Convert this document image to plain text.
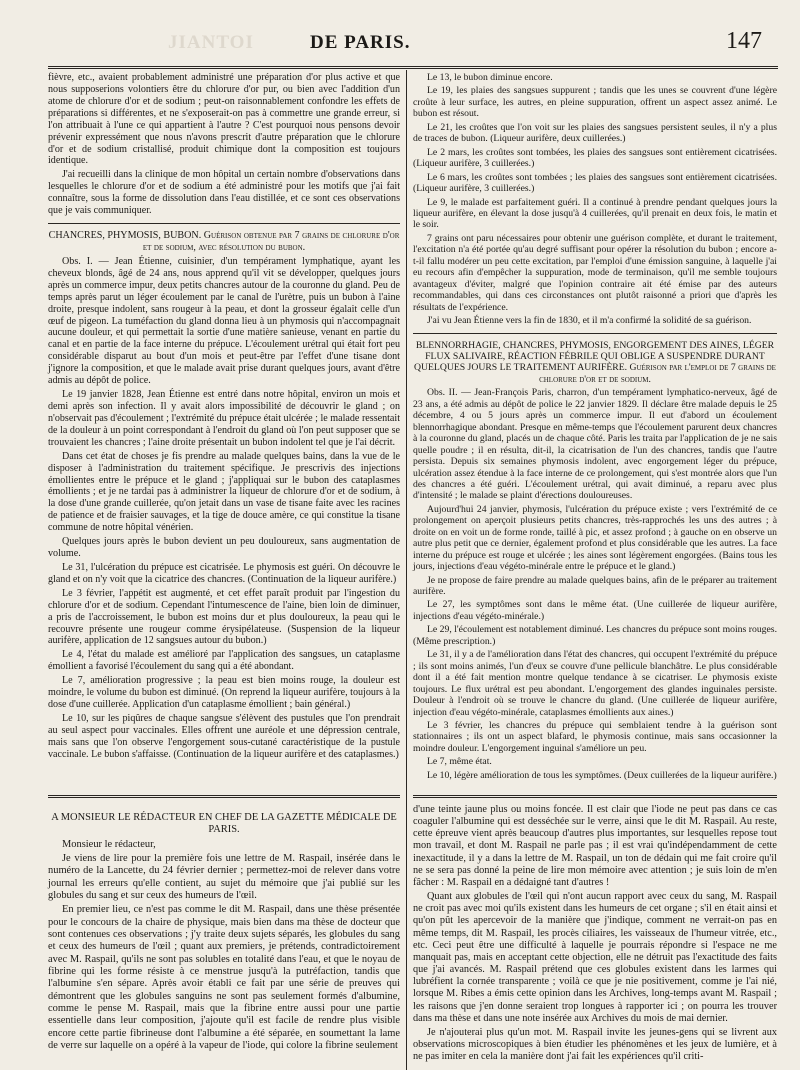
JIANTOI	DE PARIS.	147

fièvre, etc., avaient probablement administré une préparation d'or plus active et que nous supposerions volontiers être du chlorure d'or pur, ou bien avec l'addition d'un atome de chlorure d'or et de sodium ; peut-on raisonnablement confondre les effets de préparations si différentes, et ne s'exposerait-on pas à commettre une grande erreur, si l'on attribuait à l'une ce qui appartient à l'autre ? C'est pourquoi nous pensons devoir prévenir expressément que nous n'avons prescrit d'autre préparation que le chlorure d'or et de sodium cristallisé, produit chimique dont la composition est toujours identique.

J'ai recueilli dans la clinique de mon hôpital un certain nombre d'observations dans lesquelles le chlorure d'or et de sodium a été administré pour les motifs que j'ai fait connaître, sous la forme de dissolution dans l'eau distillée, et ce sont ces observations que je vais communiquer.

CHANCRES, PHYMOSIS, BUBON. Guérison obtenue par 7 grains de chlorure d'or et de sodium, avec résolution du bubon.

Obs. I. — Jean Étienne, cuisinier, d'un tempérament lymphatique, ayant les cheveux blonds, âgé de 24 ans, nous apprend qu'il vit se développer, quelques jours après un commerce impur, deux petits chancres autour de la couronne du gland. Peu de temps après parut un léger écoulement par le canal de l'urètre, puis un bubon à l'aine droite, presque indolent, sans rougeur à la peau, et dont la grosseur égalait celle d'un œuf de pigeon. La tuméfaction du gland donna lieu à un phymosis qui n'accompagnait aucune douleur, et qui permettait la sortie d'une matière sanieuse, venant en partie du canal et en partie de la face interne du prépuce. L'écoulement urétral qui était fort peu considérable disparut au bout d'un mois et peut-être par l'effet d'une tisane dont j'ignore la composition, et que le malade avait prise durant quelques jours, avant d'être admis au dépôt de police.

Le 19 janvier 1828, Jean Étienne est entré dans notre hôpital, environ un mois et demi après son infection. Il y avait alors impossibilité de découvrir le gland ; on n'observait pas d'écoulement ; l'extrémité du prépuce était ulcérée ; le malade ressentait de la douleur à un point correspondant à l'endroit du gland où l'on peut supposer que se trouvaient les chancres ; l'aine droite présentait un bubon indolent tel que je l'ai décrit.

Dans cet état de choses je fis prendre au malade quelques bains, dans la vue de le disposer à l'administration du traitement spécifique. Je prescrivis des injections émollientes entre le prépuce et le gland ; j'appliquai sur le bubon des cataplasmes émollients ; et je ne tardai pas à administrer la liqueur de chlorure d'or et de sodium, à la dose d'une grande cuillerée, qu'on jetait dans un vase de tisane faite avec les racines de patience et de fraisier sauvages, et la tige de douce amère, ce qui constitue la tisane commune de notre hôpital vénérien.

Quelques jours après le bubon devient un peu douloureux, sans augmentation de volume.

Le 31, l'ulcération du prépuce est cicatrisée. Le phymosis est guéri. On découvre le gland et on n'y voit que la cicatrice des chancres. (Continuation de la liqueur aurifère.)

Le 3 février, l'appétit est augmenté, et cet effet paraît produit par l'ingestion du chlorure d'or et de sodium. Cependant l'intumescence de l'aine, bien loin de diminuer, a pris de l'accroissement, le bubon est moins dur et plus douloureux, la peau qui le recouvre présente une rougeur comme érysipélateuse. (Suspension de la liqueur aurifère, application de 12 sangsues autour du bubon.)

Le 4, l'état du malade est amélioré par l'application des sangsues, un cataplasme émollient a favorisé l'écoulement du sang qui a été abondant.

Le 7, amélioration progressive ; la peau est bien moins rouge, la douleur est moindre, le volume du bubon est diminué. (On reprend la liqueur aurifère, toujours à la dose d'une cuillerée. Application d'un cataplasme émollient ; bain général.)

Le 10, sur les piqûres de chaque sangsue s'élèvent des pustules que l'on prendrait au seul aspect pour vaccinales. Elles offrent une auréole et une dépression centrale, mais sans que l'on observe l'engorgement sous-cutané caractéristique de la pustule vaccinale. Le bubon s'affaisse. (Continuation de la liqueur aurifère et des cataplasmes.)

Le 13, le bubon diminue encore.

Le 19, les plaies des sangsues suppurent ; tandis que les unes se couvrent d'une légère croûte à leur surface, les autres, en pleine suppuration, offrent un aspect assez animé. Le bubon est résout.

Le 21, les croûtes que l'on voit sur les plaies des sangsues persistent seules, il n'y a plus de traces de bubon. (Liqueur aurifère, deux cuillerées.)

Le 2 mars, les croûtes sont tombées, les plaies des sangsues sont entièrement cicatrisées. (Liqueur aurifère, 3 cuillerées.)

Le 6 mars, les croûtes sont tombées ; les plaies des sangsues sont entièrement cicatrisées. (Liqueur aurifère, 3 cuillerées.)

Le 9, le malade est parfaitement guéri. Il a continué à prendre pendant quelques jours la liqueur aurifère, en élevant la dose jusqu'à 4 cuillerées, qu'il prenait en deux fois, le matin et le soir.

7 grains ont paru nécessaires pour obtenir une guérison complète, et durant le traitement, l'excitation n'a été portée qu'au degré suffisant pour opérer la résolution du bubon ; encore a-t-il fallu modérer un peu cette excitation, par l'emploi d'une émission sanguine, à laquelle j'ai eu recours afin d'empêcher la suppuration, mode de terminaison, qu'il me semble toujours avantageux d'éviter, malgré que l'opinion contraire ait été émise par des auteurs recommandables, qui dans ces circonstances ont plutôt raisonné a priori que d'après les résultats de l'expérience.

J'ai vu Jean Étienne vers la fin de 1830, et il m'a confirmé la solidité de sa guérison.

BLENNORRHAGIE, CHANCRES, PHYMOSIS, ENGORGEMENT DES AINES, LÉGER FLUX SALIVAIRE, RÉACTION FÉBRILE QUI OBLIGE A SUSPENDRE DURANT QUELQUES JOURS LE TRAITEMENT AURIFÈRE. Guérison par l'emploi de 7 grains de chlorure d'or et de sodium.

Obs. II. — Jean-François Paris, charron, d'un tempérament lymphatico-nerveux, âgé de 23 ans, a été admis au dépôt de police le 22 janvier 1829. Il déclare être malade depuis le 25 décembre, 4 ou 5 jours après un commerce impur. Il eut d'abord un écoulement blennorrhagique abondant. Presque en même-temps que l'écoulement parurent deux chancres à la couronne du gland, placés un de chaque côté. Paris les traita par l'application de je ne sais quelle poudre ; il en résulta, dit-il, la cicatrisation de l'un des chancres, tandis que l'autre persista. Depuis six semaines phymosis indolent, avec engorgement léger du prépuce, ulcération assez étendue à la face interne de ce prolongement, qui s'est montrée alors que l'un des chancres a été guéri. L'écoulement urétral, qui avait diminué, a reparu avec plus d'intensité ; le malade se plaint d'érections douloureuses.

Aujourd'hui 24 janvier, phymosis, l'ulcération du prépuce existe ; vers l'extrémité de ce prolongement on aperçoit plusieurs petits chancres, très-rapprochés les uns des autres ; à droite on en voit un de forme ronde, taillé à pic, et assez profond ; à gauche on en observe un autre plus petit que ce dernier, également profond et plus considérable que les autres. La face interne du prépuce est rouge et ulcérée ; les aines sont légèrement engorgées. (Bains tous les jours, injections d'eau végéto-minérale entre le prépuce et le gland.)

Je ne propose de faire prendre au malade quelques bains, afin de le préparer au traitement aurifère.

Le 27, les symptômes sont dans le même état. (Une cuillerée de liqueur aurifère, injections d'eau végéto-minérale.)

Le 29, l'écoulement est notablement diminué. Les chancres du prépuce sont moins rouges. (Même prescription.)

Le 31, il y a de l'amélioration dans l'état des chancres, qui occupent l'extrémité du prépuce ; ils sont moins animés, l'un d'eux se couvre d'une pellicule blanchâtre. Le plus considérable dont il a été fait mention montre quelque tendance à se cicatriser. Le phymosis existe toujours. Le flux urétral est peu abondant. L'engorgement des glandes inguinales persiste. Douleur à l'endroit où se trouve le chancre du gland. (Une cuillerée de liqueur aurifère, injection d'eau végéto-minérale, cataplasmes émollients aux aines.)

Le 3 février, les chancres du prépuce qui semblaient tendre à la guérison sont stationnaires ; ils ont un aspect blafard, le phymosis continue, mais sans occasionner la moindre douleur. L'engorgement inguinal s'améliore un peu.

Le 7, même état.

Le 10, légère amélioration de tous les symptômes. (Deux cuillerées de la liqueur aurifère.)

A MONSIEUR LE RÉDACTEUR EN CHEF DE LA GAZETTE MÉDICALE DE PARIS.

Monsieur le rédacteur,

Je viens de lire pour la première fois une lettre de M. Raspail, insérée dans le numéro de la Lancette, du 24 février dernier ; permettez-moi de relever dans votre journal les erreurs qu'elle contient, au sujet du mémoire que j'ai publié sur les globules du sang et sur ceux des humeurs de l'œil.

En premier lieu, ce n'est pas comme le dit M. Raspail, dans une thèse présentée pour le concours de la chaire de physique, mais bien dans ma thèse de docteur que sont contenues ces observations ; j'y traite deux sujets séparés, les globules du sang et ceux des humeurs de l'œil ; quant aux premiers, je prétends, contradictoirement avec M. Raspail, qu'ils ne sont pas solubles en totalité dans l'eau, et que le noyau de fibrine qui les forme résiste à ce menstrue jusqu'à la putréfaction, tandis que l'albumine s'en sépare. Après avoir établi ce fait par une série de preuves qui démontrent que les globules sanguins ne sont pas seulement formés d'albumine, comme le pense M. Raspail, mais que la fibrine entre aussi pour une partie essentielle dans leur composition, j'ajoute qu'il est facile de rendre plus visible encore cette partie fibrineuse dont l'albumine a été séparée, en soumettant la lame de verre sur laquelle on a opéré à la vapeur de l'iode, qui colore la fibrine seulement

d'une teinte jaune plus ou moins foncée. Il est clair que l'iode ne peut pas dans ce cas coaguler l'albumine qui est desséchée sur le verre, ainsi que le dit M. Raspail. Au reste, cette épreuve vient après beaucoup d'autres plus importantes, sur lesquelles repose tout mon travail, et dont M. Raspail ne parle pas ; il est vrai qu'indépendamment de cette inexactitude, il y a dans la lettre de M. Raspail, un ton de dédain qui me fait croire qu'il ne se sera pas donné la peine de lire mon mémoire avec attention ; je suis loin de m'en fâcher : M. Raspail en a dédaigné tant d'autres !

Quant aux globules de l'œil qui n'ont aucun rapport avec ceux du sang, M. Raspail ne croit pas avec moi qu'ils existent dans les humeurs de cet organe ; s'il en était ainsi et qu'on pût les apercevoir de la manière que j'indique, comment ne verrait-on pas en même temps, dit M. Raspail, les procès ciliaires, les vaisseaux de l'humeur vitrée, etc., etc. Ceci peut être une difficulté à laquelle je pourrais répondre si l'espace ne me manquait pas, mais en acceptant cette objection, elle ne détruit pas l'exactitude des faits que j'ai avancés. M. Raspail prétend que ces globules existent dans les larmes qui lubréfient la cornée transparente ; voilà ce que je nie positivement, comme je l'ai nié, lorsque M. Ribes a émis cette opinion dans les Archives, long-temps avant M. Raspail ; les raisons que j'en donne seraient trop longues à rapporter ici ; on pourra les trouver dans ma thèse et dans une note insérée aux Archives du mois de mai dernier.

Je n'ajouterai plus qu'un mot. M. Raspail invite les jeunes-gens qui se livrent aux observations microscopiques à bien étudier les phénomènes et les jeux de lumière, et à ne pas imiter en cela la manière dont j'ai fait les expériences qu'il criti-
